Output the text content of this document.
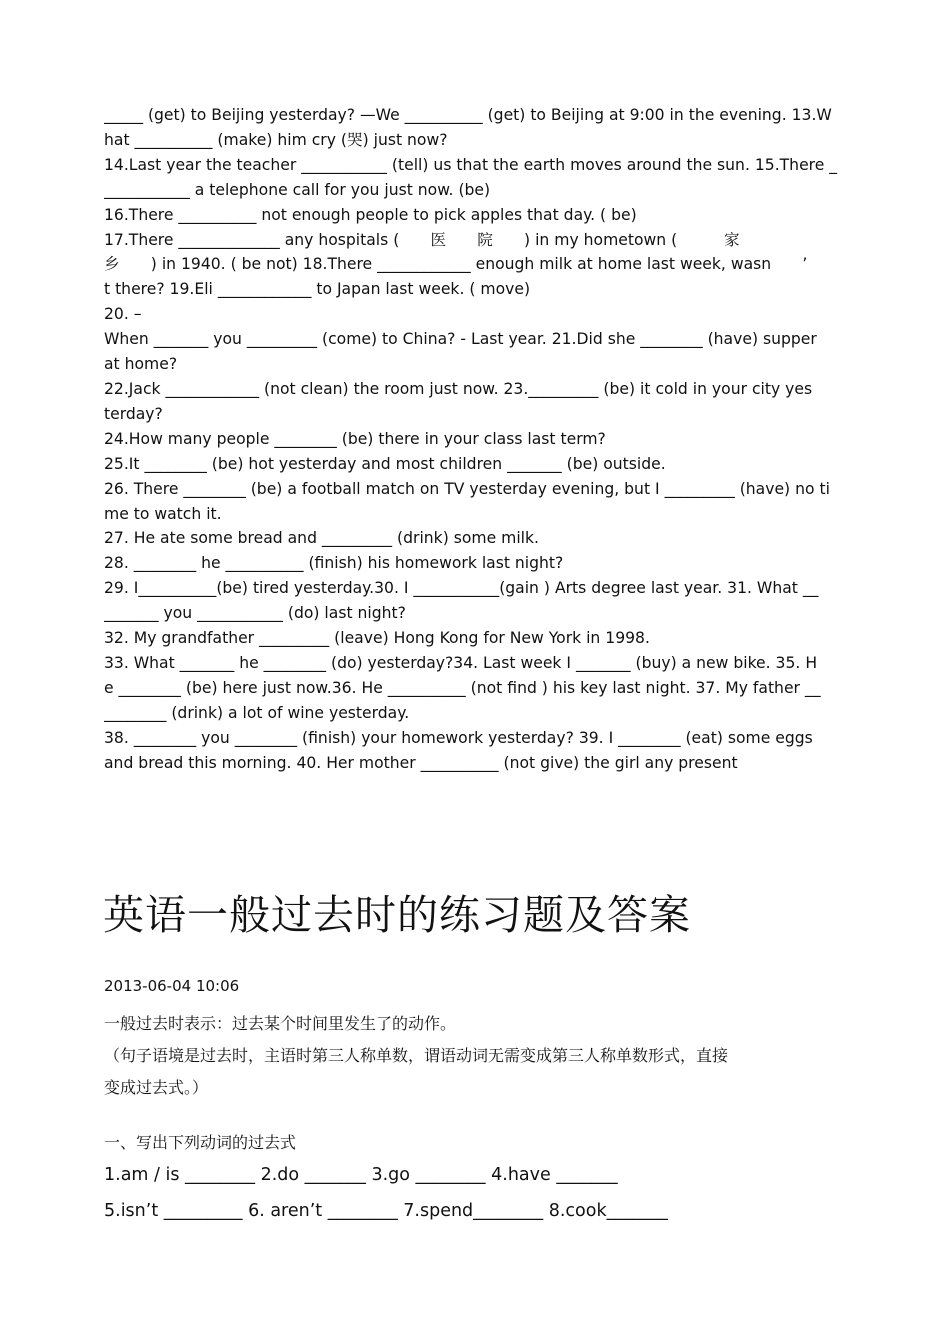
_____ (get) to Beijing yesterday? —We __________ (get) to Beijing at 9:00 in the evening. 13.W
hat __________ (make) him cry (哭) just now?
14.Last year the teacher ___________ (tell) us that the earth moves around the sun. 15.There _
___________ a telephone call for you just now. (be)
16.There __________ not enough people to pick apples that day. ( be)
17.There _____________ any hospitals (　　医　　院　　) in my hometown (　　　家
乡　　) in 1940. ( be not) 18.There ____________ enough milk at home last week, wasn　　’
t there? 19.Eli ____________ to Japan last week. ( move)
20. –
When _______ you _________ (come) to China? - Last year. 21.Did she ________ (have) supper
at home?
22.Jack ____________ (not clean) the room just now. 23._________ (be) it cold in your city yes
terday?
24.How many people ________ (be) there in your class last term?
25.It ________ (be) hot yesterday and most children _______ (be) outside.
26. There ________ (be) a football match on TV yesterday evening, but I _________ (have) no ti
me to watch it.
27. He ate some bread and _________ (drink) some milk.
28. ________ he __________ (finish) his homework last night?
29. I__________(be) tired yesterday.30. I ___________(gain ) Arts degree last year. 31. What __
_______ you ___________ (do) last night?
32. My grandfather _________ (leave) Hong Kong for New York in 1998.
33. What _______ he ________ (do) yesterday?34. Last week I _______ (buy) a new bike. 35. H
e ________ (be) here just now.36. He __________ (not find ) his key last night. 37. My father __
________ (drink) a lot of wine yesterday.
38. ________ you ________ (finish) your homework yesterday? 39. I ________ (eat) some eggs
and bread this morning. 40. Her mother __________ (not give) the girl any present
英语一般过去时的练习题及答案
2013-06-04 10:06
一般过去时表示：过去某个时间里发生了的动作。
（句子语境是过去时，主语时第三人称单数，谓语动词无需变成第三人称单数形式，直接
变成过去式。）
一、写出下列动词的过去式
1.am / is ________ 2.do _______ 3.go ________ 4.have _______
5.isn’t _________ 6. aren’t ________ 7.spend________ 8.cook_______
